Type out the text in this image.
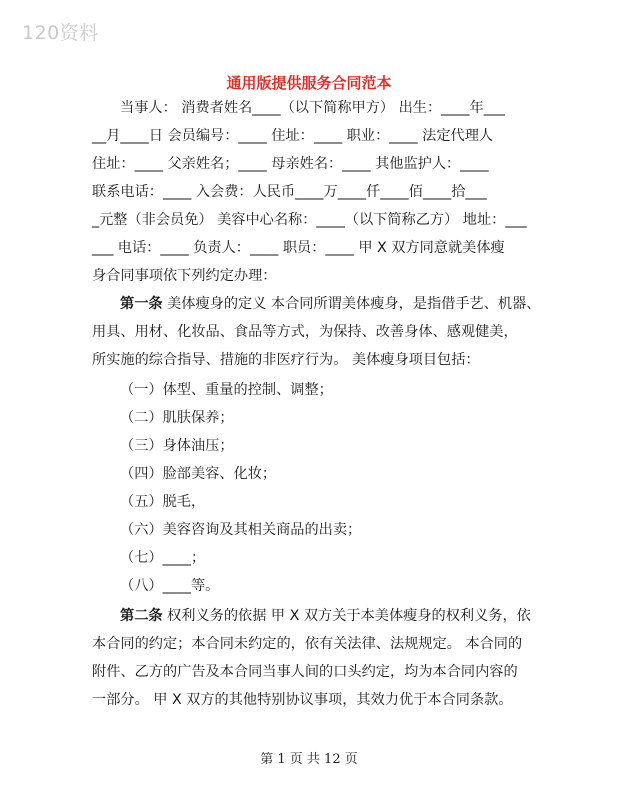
120资料
通用版提供服务合同范本
当事人： 消费者姓名____（以下简称甲方） 出生：____年___
__月____日 会员编号：____ 住址：____ 职业：____ 法定代理人
住址：____ 父亲姓名；____ 母亲姓名：____ 其他监护人：____
联系电话：____ 入会费：人民币____万____仟____佰____拾___
_元整（非会员免） 美容中心名称：____（以下简称乙方） 地址：___
___ 电话：____ 负责人：____ 职员：____ 甲 X 双方同意就美体瘦
身合同事项依下列约定办理：
第一条 美体瘦身的定义 本合同所谓美体瘦身，是指借手艺、机器、
用具、用材、化妆品、食品等方式，为保持、改善身体、感观健美，
所实施的综合指导、措施的非医疗行为。 美体瘦身项目包括：
（一）体型、重量的控制、调整；
（二）肌肤保养；
（三）身体油压；
（四）脸部美容、化妆；
（五）脱毛，
（六）美容咨询及其相关商品的出卖；
（七）____；
（八）____等。
第二条 权利义务的依据 甲 X 双方关于本美体瘦身的权利义务，依
本合同的约定；本合同未约定的，依有关法律、法规规定。 本合同的
附件、乙方的广告及本合同当事人间的口头约定，均为本合同内容的
一部分。 甲 X 双方的其他特别协议事项，其效力优于本合同条款。
第 1 页 共 12 页
